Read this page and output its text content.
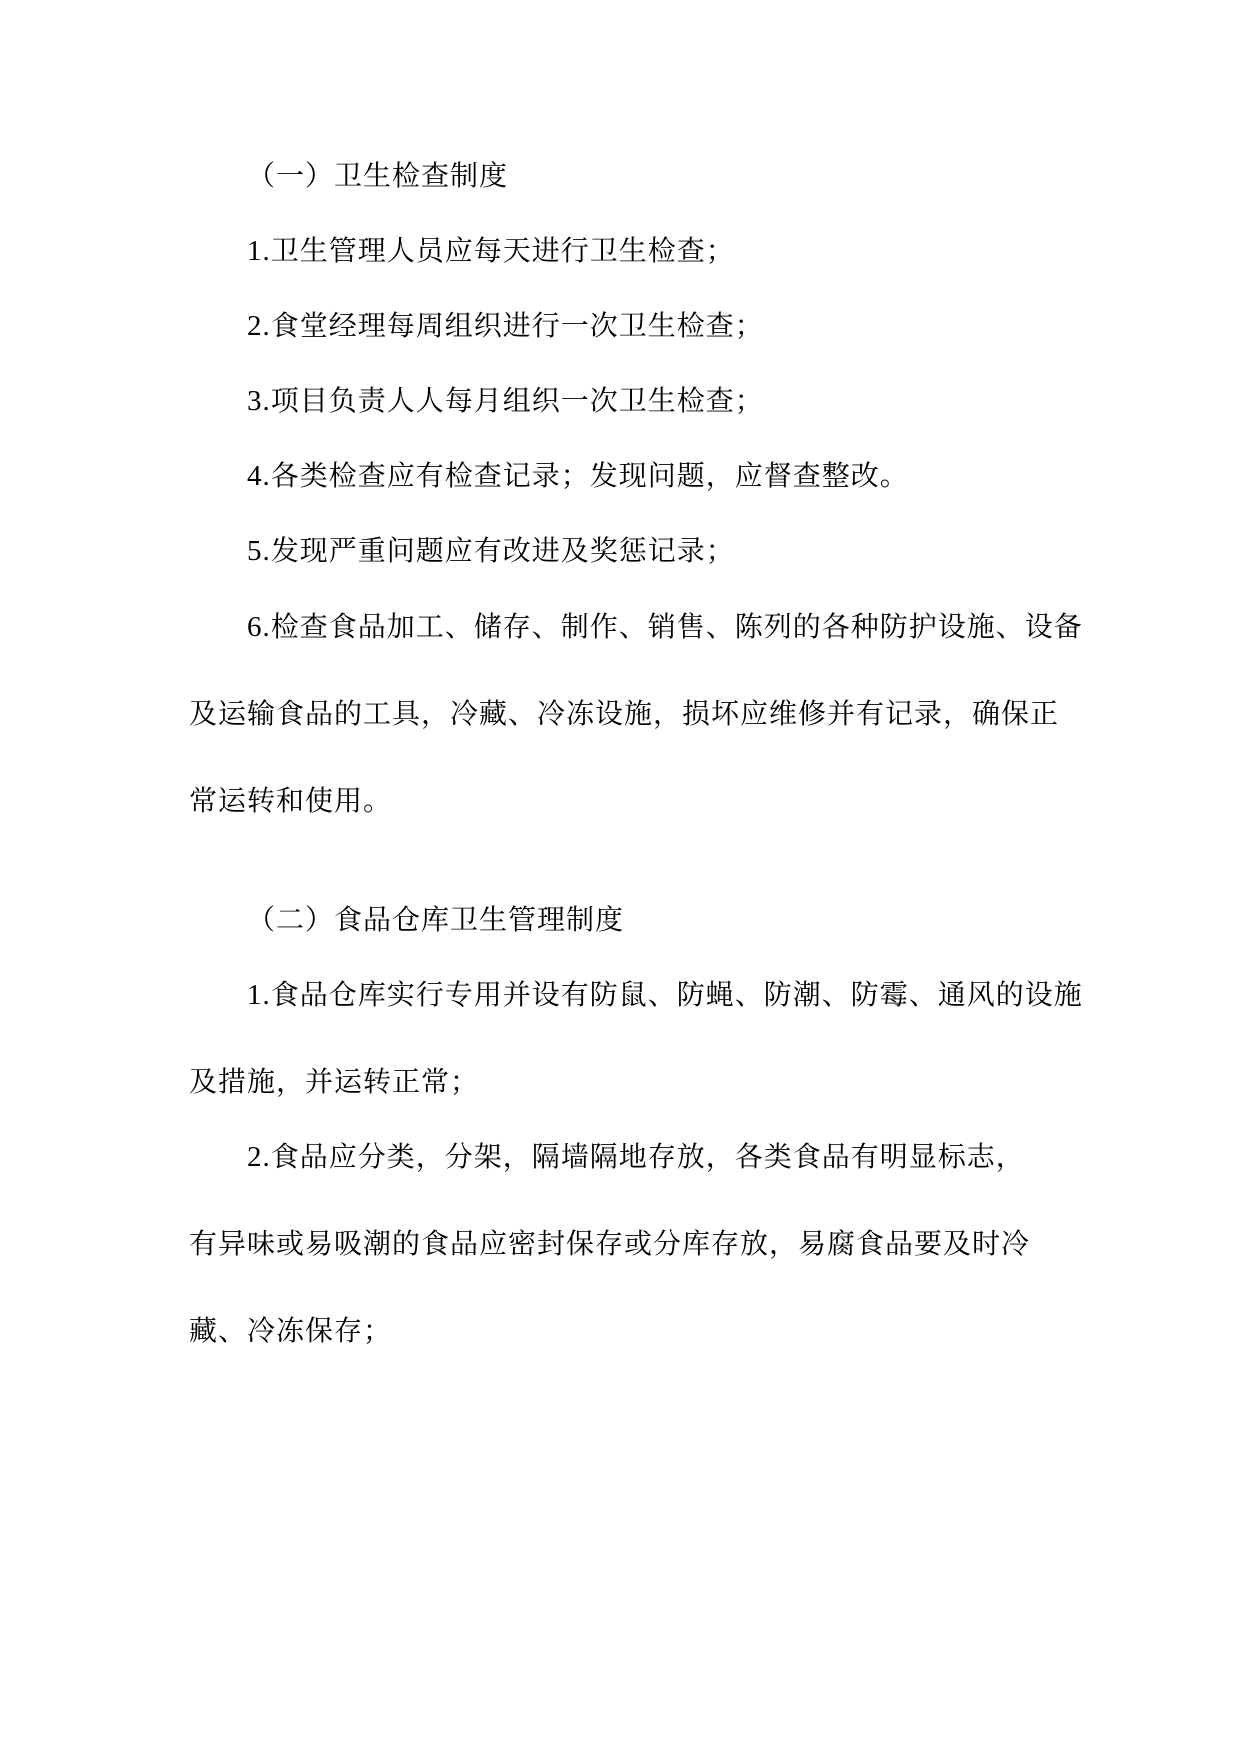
（一）卫生检查制度
1.卫生管理人员应每天进行卫生检查；
2.食堂经理每周组织进行一次卫生检查；
3.项目负责人人每月组织一次卫生检查；
4.各类检查应有检查记录；发现问题，应督查整改。
5.发现严重问题应有改进及奖惩记录；
6.检查食品加工、储存、制作、销售、陈列的各种防护设施、设备
及运输食品的工具，冷藏、冷冻设施，损坏应维修并有记录，确保正
常运转和使用。
（二）食品仓库卫生管理制度
1.食品仓库实行专用并设有防鼠、防蝇、防潮、防霉、通风的设施
及措施，并运转正常；
2.食品应分类，分架，隔墙隔地存放，各类食品有明显标志，
有异味或易吸潮的食品应密封保存或分库存放，易腐食品要及时冷
藏、冷冻保存；
